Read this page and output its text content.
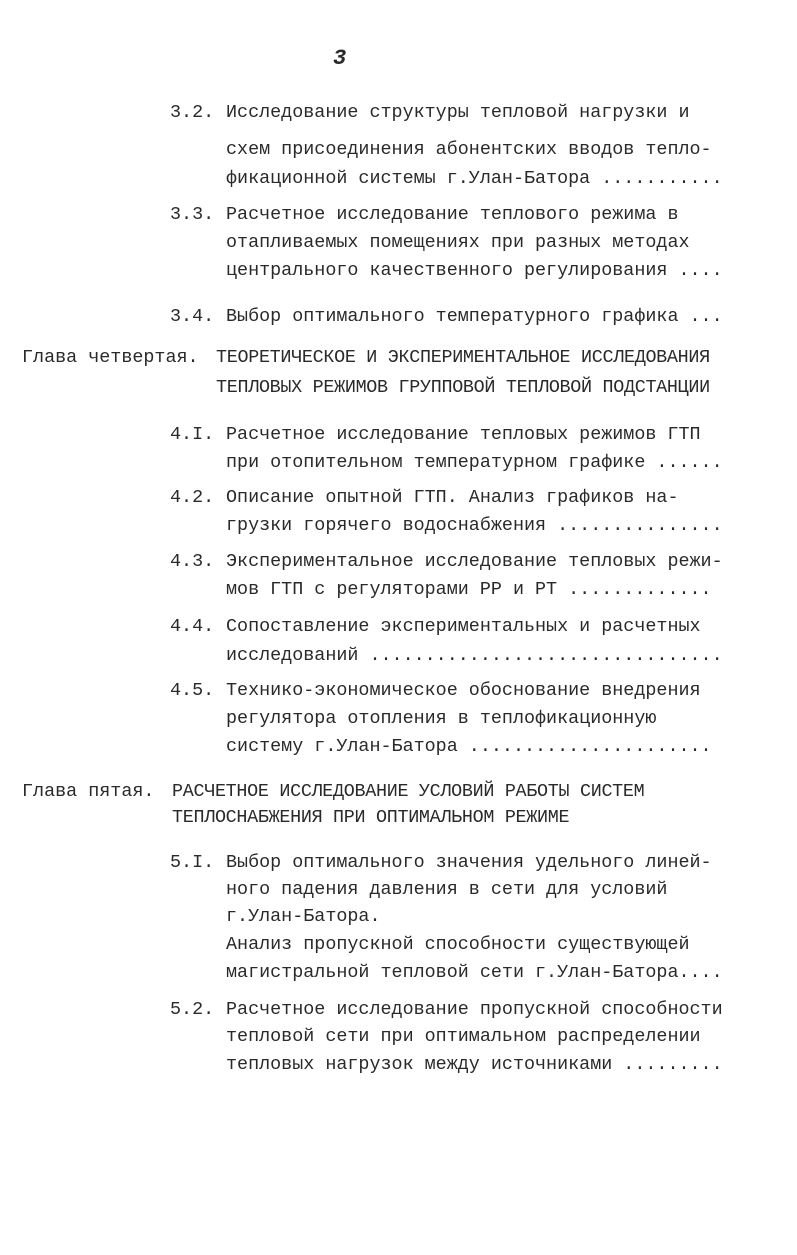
3
3.2. Исследование структуры тепловой нагрузки и
схем присоединения абонентских вводов тепло-
фикационной системы г.Улан-Батора ...........
3.3. Расчетное исследование теплового режима в
отапливаемых помещениях при разных методах
центрального качественного регулирования ....
3.4. Выбор оптимального температурного графика ...
Глава четвертая. ТЕОРЕТИЧЕСКОЕ И ЭКСПЕРИМЕНТАЛЬНОЕ ИССЛЕДОВАНИЯ
ТЕПЛОВЫХ РЕЖИМОВ ГРУППОВОЙ ТЕПЛОВОЙ ПОДСТАНЦИИ
4.I. Расчетное исследование тепловых режимов ГТП
при отопительном температурном графике ......
4.2. Описание опытной ГТП. Анализ графиков на-
грузки горячего водоснабжения ...............
4.3. Экспериментальное исследование тепловых режи-
мов ГТП с регуляторами РР и РТ .............
4.4. Сопоставление экспериментальных и расчетных
исследований ................................
4.5. Технико-экономическое обоснование внедрения
регулятора отопления в теплофикационную
систему г.Улан-Батора ......................
Глава пятая. РАСЧЕТНОЕ ИССЛЕДОВАНИЕ УСЛОВИЙ РАБОТЫ СИСТЕМ
ТЕПЛОСНАБЖЕНИЯ ПРИ ОПТИМАЛЬНОМ РЕЖИМЕ
5.I. Выбор оптимального значения удельного линей-
ного падения давления в сети для условий
г.Улан-Батора.
Анализ пропускной способности существующей
магистральной тепловой сети г.Улан-Батора....
5.2. Расчетное исследование пропускной способности
тепловой сети при оптимальном распределении
тепловых нагрузок между источниками .........
